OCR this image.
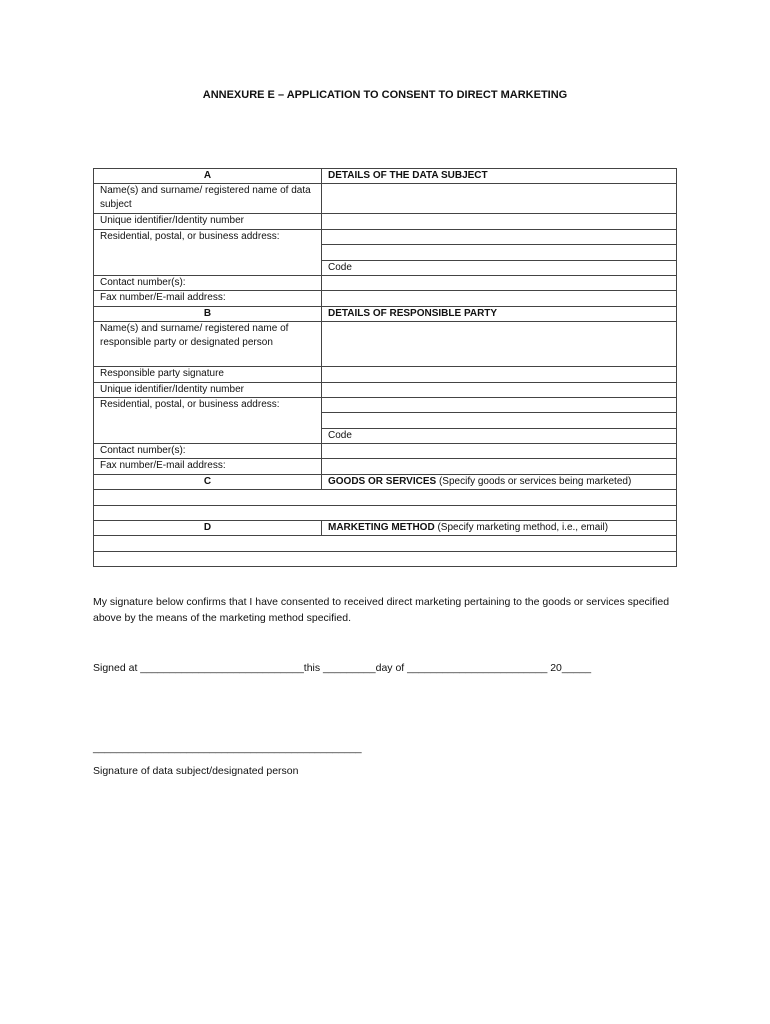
ANNEXURE E – APPLICATION TO CONSENT TO DIRECT MARKETING
A	DETAILS OF THE DATA SUBJECT
Name(s) and surname/ registered name of data subject	
Unique identifier/Identity number	
Residential, postal, or business address:	

	Code
Contact number(s):	
Fax number/E-mail address:	
B	DETAILS OF RESPONSIBLE PARTY
Name(s) and surname/ registered name of responsible party or designated person	
Responsible party signature	
Unique identifier/Identity number	
Residential, postal, or business address:	

	Code
Contact number(s):	
Fax number/E-mail address:	
C	GOODS OR SERVICES (Specify goods or services being marketed)

D	MARKETING METHOD (Specify marketing method, i.e., email)

My signature below confirms that I have consented to received direct marketing pertaining to the goods or services specified above by the means of the marketing method specified.
Signed at ____________________________this _________day of ________________________ 20_____
______________________________________________
Signature of data subject/designated person
